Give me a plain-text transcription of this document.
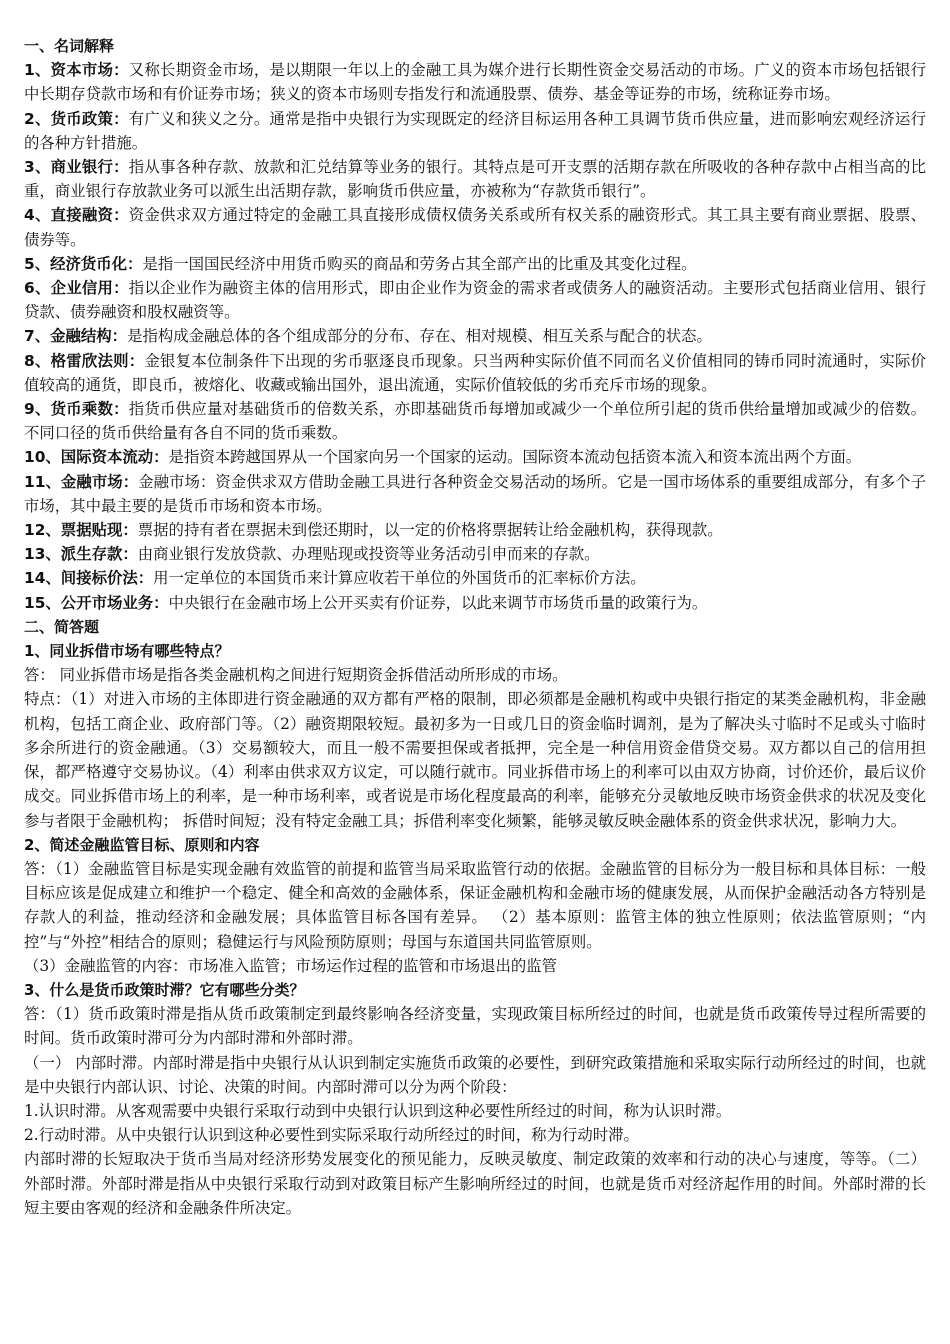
一、名词解释

1、资本市场：又称长期资金市场，是以期限一年以上的金融工具为媒介进行长期性资金交易活动的市场。广义的资本市场包括银行中长期存贷款市场和有价证券市场；狭义的资本市场则专指发行和流通股票、债券、基金等证券的市场，统称证券市场。

2、货币政策：有广义和狭义之分。通常是指中央银行为实现既定的经济目标运用各种工具调节货币供应量，进而影响宏观经济运行的各种方针措施。

3、商业银行：指从事各种存款、放款和汇兑结算等业务的银行。其特点是可开支票的活期存款在所吸收的各种存款中占相当高的比重，商业银行存放款业务可以派生出活期存款，影响货币供应量，亦被称为“存款货币银行”。

4、直接融资：资金供求双方通过特定的金融工具直接形成债权债务关系或所有权关系的融资形式。其工具主要有商业票据、股票、债券等。

5、经济货币化：是指一国国民经济中用货币购买的商品和劳务占其全部产出的比重及其变化过程。

6、企业信用：指以企业作为融资主体的信用形式，即由企业作为资金的需求者或债务人的融资活动。主要形式包括商业信用、银行贷款、债券融资和股权融资等。

7、金融结构：是指构成金融总体的各个组成部分的分布、存在、相对规模、相互关系与配合的状态。

8、格雷欣法则：金银复本位制条件下出现的劣币驱逐良币现象。只当两种实际价值不同而名义价值相同的铸币同时流通时，实际价值较高的通货，即良币，被熔化、收藏或输出国外，退出流通，实际价值较低的劣币充斥市场的现象。

9、货币乘数：指货币供应量对基础货币的倍数关系，亦即基础货币每增加或减少一个单位所引起的货币供给量增加或减少的倍数。不同口径的货币供给量有各自不同的货币乘数。

10、国际资本流动：是指资本跨越国界从一个国家向另一个国家的运动。国际资本流动包括资本流入和资本流出两个方面。

11、金融市场：金融市场：资金供求双方借助金融工具进行各种资金交易活动的场所。它是一国市场体系的重要组成部分，有多个子市场，其中最主要的是货币市场和资本市场。

12、票据贴现：票据的持有者在票据未到偿还期时，以一定的价格将票据转让给金融机构，获得现款。

13、派生存款：由商业银行发放贷款、办理贴现或投资等业务活动引申而来的存款。

14、间接标价法：用一定单位的本国货币来计算应收若干单位的外国货币的汇率标价方法。

15、公开市场业务：中央银行在金融市场上公开买卖有价证券，以此来调节市场货币量的政策行为。

二、简答题
1、同业拆借市场有哪些特点？

答： 同业拆借市场是指各类金融机构之间进行短期资金拆借活动所形成的市场。

特点：（1）对进入市场的主体即进行资金融通的双方都有严格的限制，即必须都是金融机构或中央银行指定的某类金融机构，非金融机构，包括工商企业、政府部门等。（2）融资期限较短。最初多为一日或几日的资金临时调剂，是为了解决头寸临时不足或头寸临时多余所进行的资金融通。（3）交易额较大，而且一般不需要担保或者抵押，完全是一种信用资金借贷交易。双方都以自己的信用担保，都严格遵守交易协议。（4）利率由供求双方议定，可以随行就市。同业拆借市场上的利率可以由双方协商，讨价还价，最后议价成交。同业拆借市场上的利率，是一种市场利率，或者说是市场化程度最高的利率，能够充分灵敏地反映市场资金供求的状况及变化参与者限于金融机构； 拆借时间短；没有特定金融工具；拆借利率变化频繁，能够灵敏反映金融体系的资金供求状况，影响力大。

2、简述金融监管目标、原则和内容

答：（1）金融监管目标是实现金融有效监管的前提和监管当局采取监管行动的依据。金融监管的目标分为一般目标和具体目标：一般目标应该是促成建立和维护一个稳定、健全和高效的金融体系，保证金融机构和金融市场的健康发展，从而保护金融活动各方特别是存款人的利益，推动经济和金融发展；具体监管目标各国有差异。 （2）基本原则：监管主体的独立性原则；依法监管原则；“内控”与“外控”相结合的原则；稳健运行与风险预防原则；母国与东道国共同监管原则。

（3）金融监管的内容：市场准入监管；市场运作过程的监管和市场退出的监管

3、什么是货币政策时滞？它有哪些分类？

答：（1）货币政策时滞是指从货币政策制定到最终影响各经济变量，实现政策目标所经过的时间，也就是货币政策传导过程所需要的时间。货币政策时滞可分为内部时滞和外部时滞。

（一） 内部时滞。内部时滞是指中央银行从认识到制定实施货币政策的必要性，到研究政策措施和采取实际行动所经过的时间，也就是中央银行内部认识、讨论、决策的时间。内部时滞可以分为两个阶段：

1.认识时滞。从客观需要中央银行采取行动到中央银行认识到这种必要性所经过的时间，称为认识时滞。

2.行动时滞。从中央银行认识到这种必要性到实际采取行动所经过的时间，称为行动时滞。

内部时滞的长短取决于货币当局对经济形势发展变化的预见能力，反映灵敏度、制定政策的效率和行动的决心与速度，等等。（二） 外部时滞。外部时滞是指从中央银行采取行动到对政策目标产生影响所经过的时间，也就是货币对经济起作用的时间。外部时滞的长短主要由客观的经济和金融条件所决定。
